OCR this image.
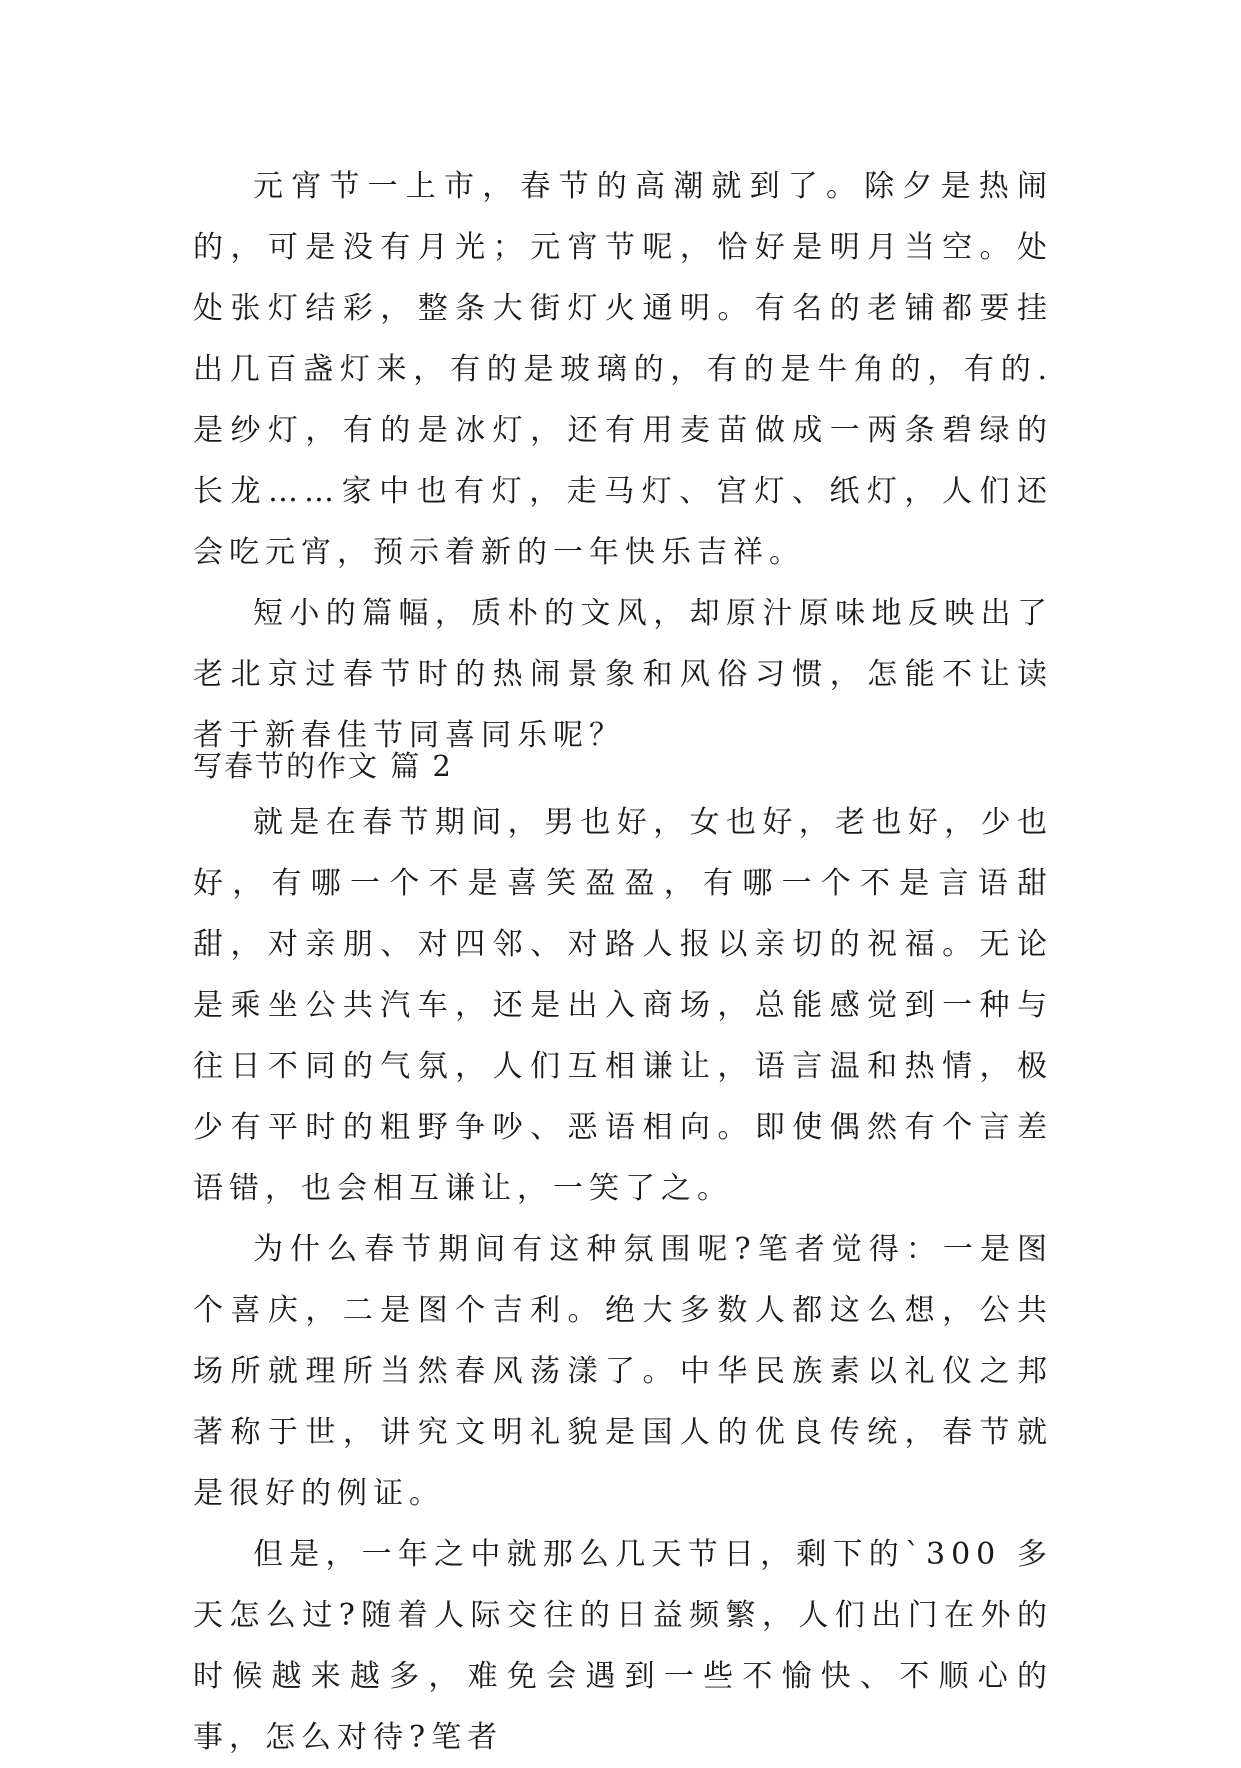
元宵节一上市，春节的高潮就到了。除夕是热闹的，可是没有月光；元宵节呢，恰好是明月当空。处处张灯结彩，整条大街灯火通明。有名的老铺都要挂出几百盏灯来，有的是玻璃的，有的是牛角的，有的.是纱灯，有的是冰灯，还有用麦苗做成一两条碧绿的长龙……家中也有灯，走马灯、宫灯、纸灯，人们还会吃元宵，预示着新的一年快乐吉祥。

短小的篇幅，质朴的文风，却原汁原味地反映出了老北京过春节时的热闹景象和风俗习惯，怎能不让读者于新春佳节同喜同乐呢？

写春节的作文 篇 2

就是在春节期间，男也好，女也好，老也好，少也好，有哪一个不是喜笑盈盈，有哪一个不是言语甜甜，对亲朋、对四邻、对路人报以亲切的祝福。无论是乘坐公共汽车，还是出入商场，总能感觉到一种与往日不同的气氛，人们互相谦让，语言温和热情，极少有平时的粗野争吵、恶语相向。即使偶然有个言差语错，也会相互谦让，一笑了之。

为什么春节期间有这种氛围呢?笔者觉得：一是图个喜庆，二是图个吉利。绝大多数人都这么想，公共场所就理所当然春风荡漾了。中华民族素以礼仪之邦著称于世，讲究文明礼貌是国人的优良传统，春节就是很好的例证。

但是，一年之中就那么几天节日，剩下的`300 多天怎么过?随着人际交往的日益频繁，人们出门在外的时候越来越多，难免会遇到一些不愉快、不顺心的事，怎么对待?笔者
